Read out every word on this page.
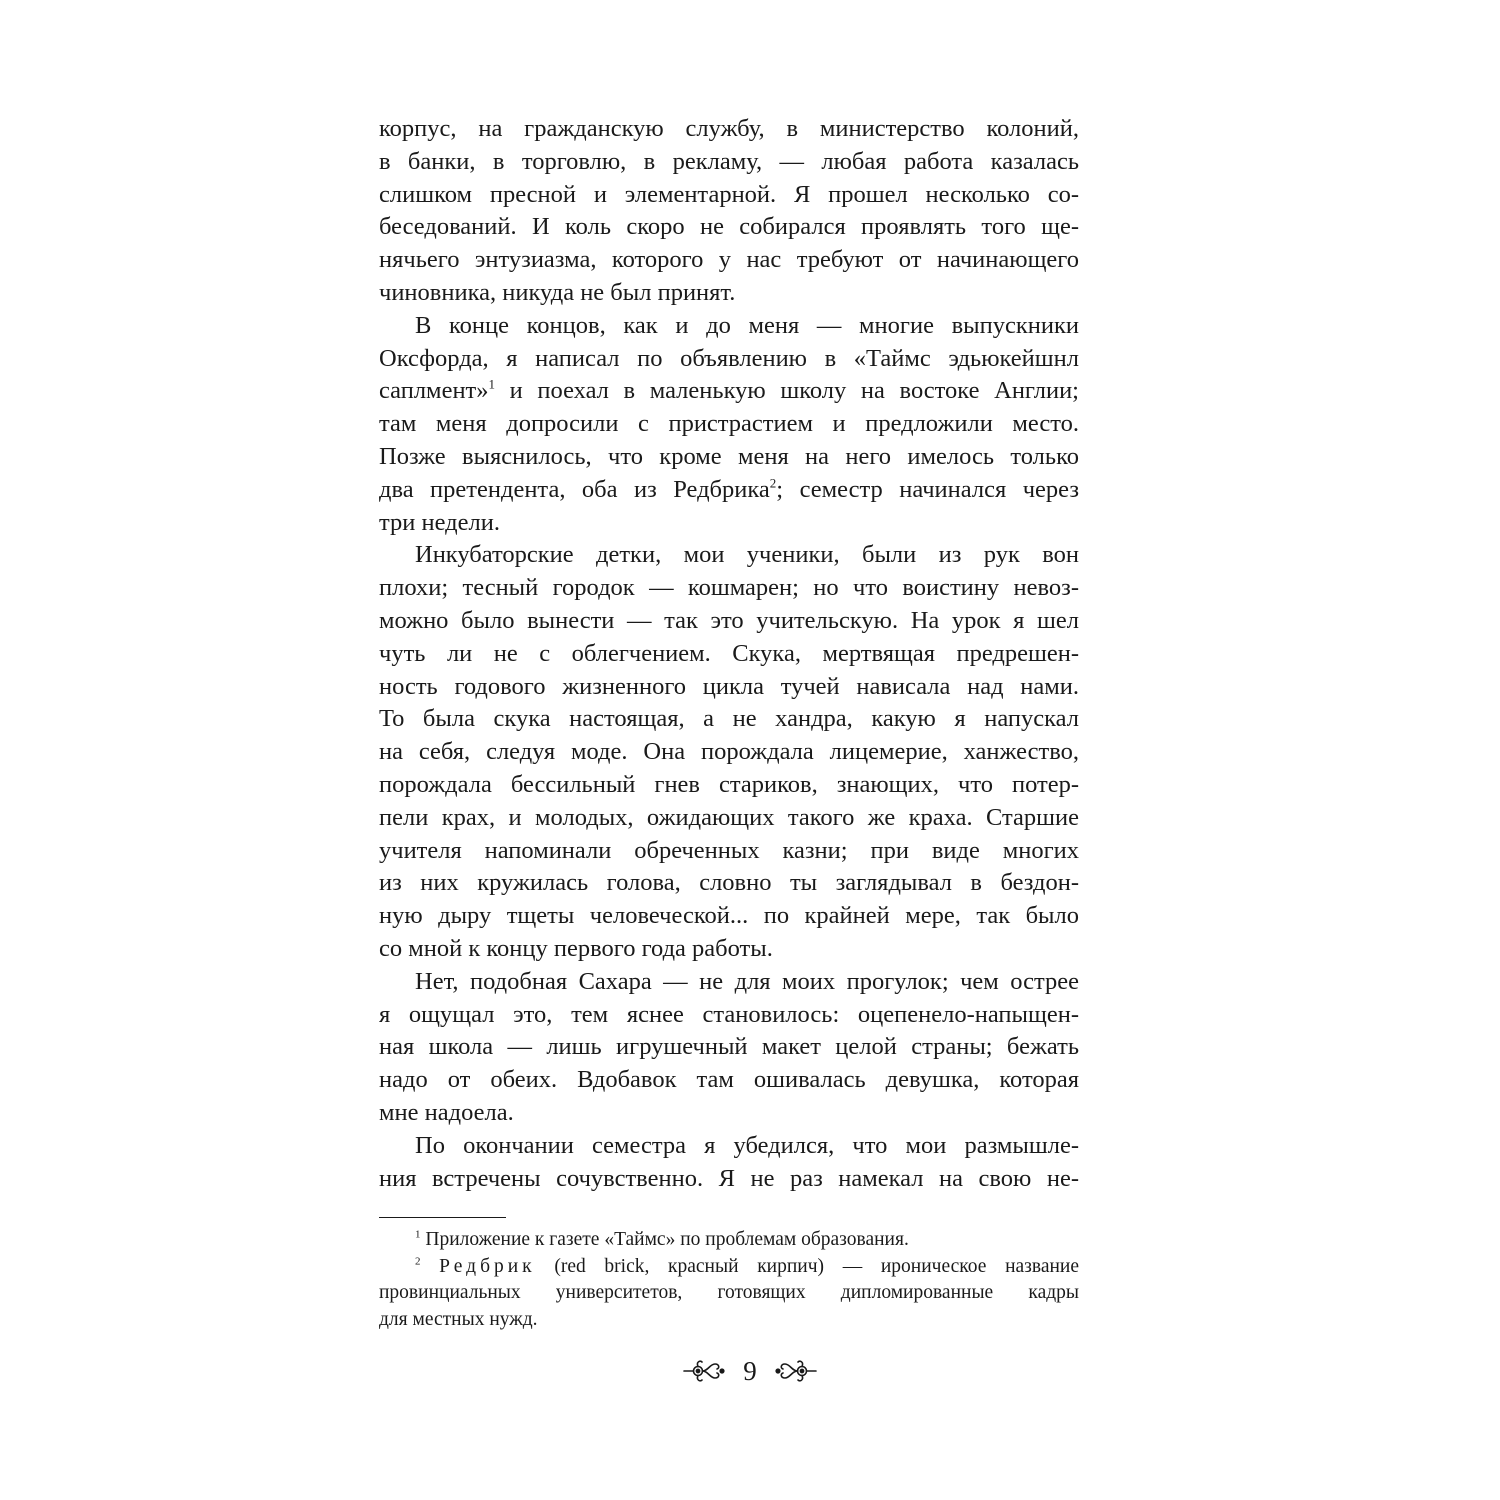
корпус, на гражданскую службу, в министерство колоний,
в банки, в торговлю, в рекламу, — любая работа казалась
слишком пресной и элементарной. Я прошел несколько со-
беседований. И коль скоро не собирался проявлять того ще-
нячьего энтузиазма, которого у нас требуют от начинающего
чиновника, никуда не был принят.
В конце концов, как и до меня — многие выпускники
Оксфорда, я написал по объявлению в «Таймс эдьюкейшнл
саплмент»$^1$ и поехал в маленькую школу на востоке Англии;
там меня допросили с пристрастием и предложили место.
Позже выяснилось, что кроме меня на него имелось только
два претендента, оба из Редбрика$^2$; семестр начинался через
три недели.
Инкубаторские детки, мои ученики, были из рук вон
плохи; тесный городок — кошмарен; но что воистину невоз-
можно было вынести — так это учительскую. На урок я шел
чуть ли не с облегчением. Скука, мертвящая предрешен-
ность годового жизненного цикла тучей нависала над нами.
То была скука настоящая, а не хандра, какую я напускал
на себя, следуя моде. Она порождала лицемерие, ханжество,
порождала бессильный гнев стариков, знающих, что потер-
пели крах, и молодых, ожидающих такого же краха. Старшие
учителя напоминали обреченных казни; при виде многих
из них кружилась голова, словно ты заглядывал в бездон-
ную дыру тщеты человеческой... по крайней мере, так было
со мной к концу первого года работы.
Нет, подобная Сахара — не для моих прогулок; чем острее
я ощущал это, тем яснее становилось: оцепенело-напыщен-
ная школа — лишь игрушечный макет целой страны; бежать
надо от обеих. Вдобавок там ошивалась девушка, которая
мне надоела.
По окончании семестра я убедился, что мои размышле-
ния встречены сочувственно. Я не раз намекал на свою не-
$^1$ Приложение к газете «Таймс» по проблемам образования.
$^2$ Редбрик (red brick, красный кирпич) — ироническое название
провинциальных университетов, готовящих дипломированные кадры
для местных нужд.
9
